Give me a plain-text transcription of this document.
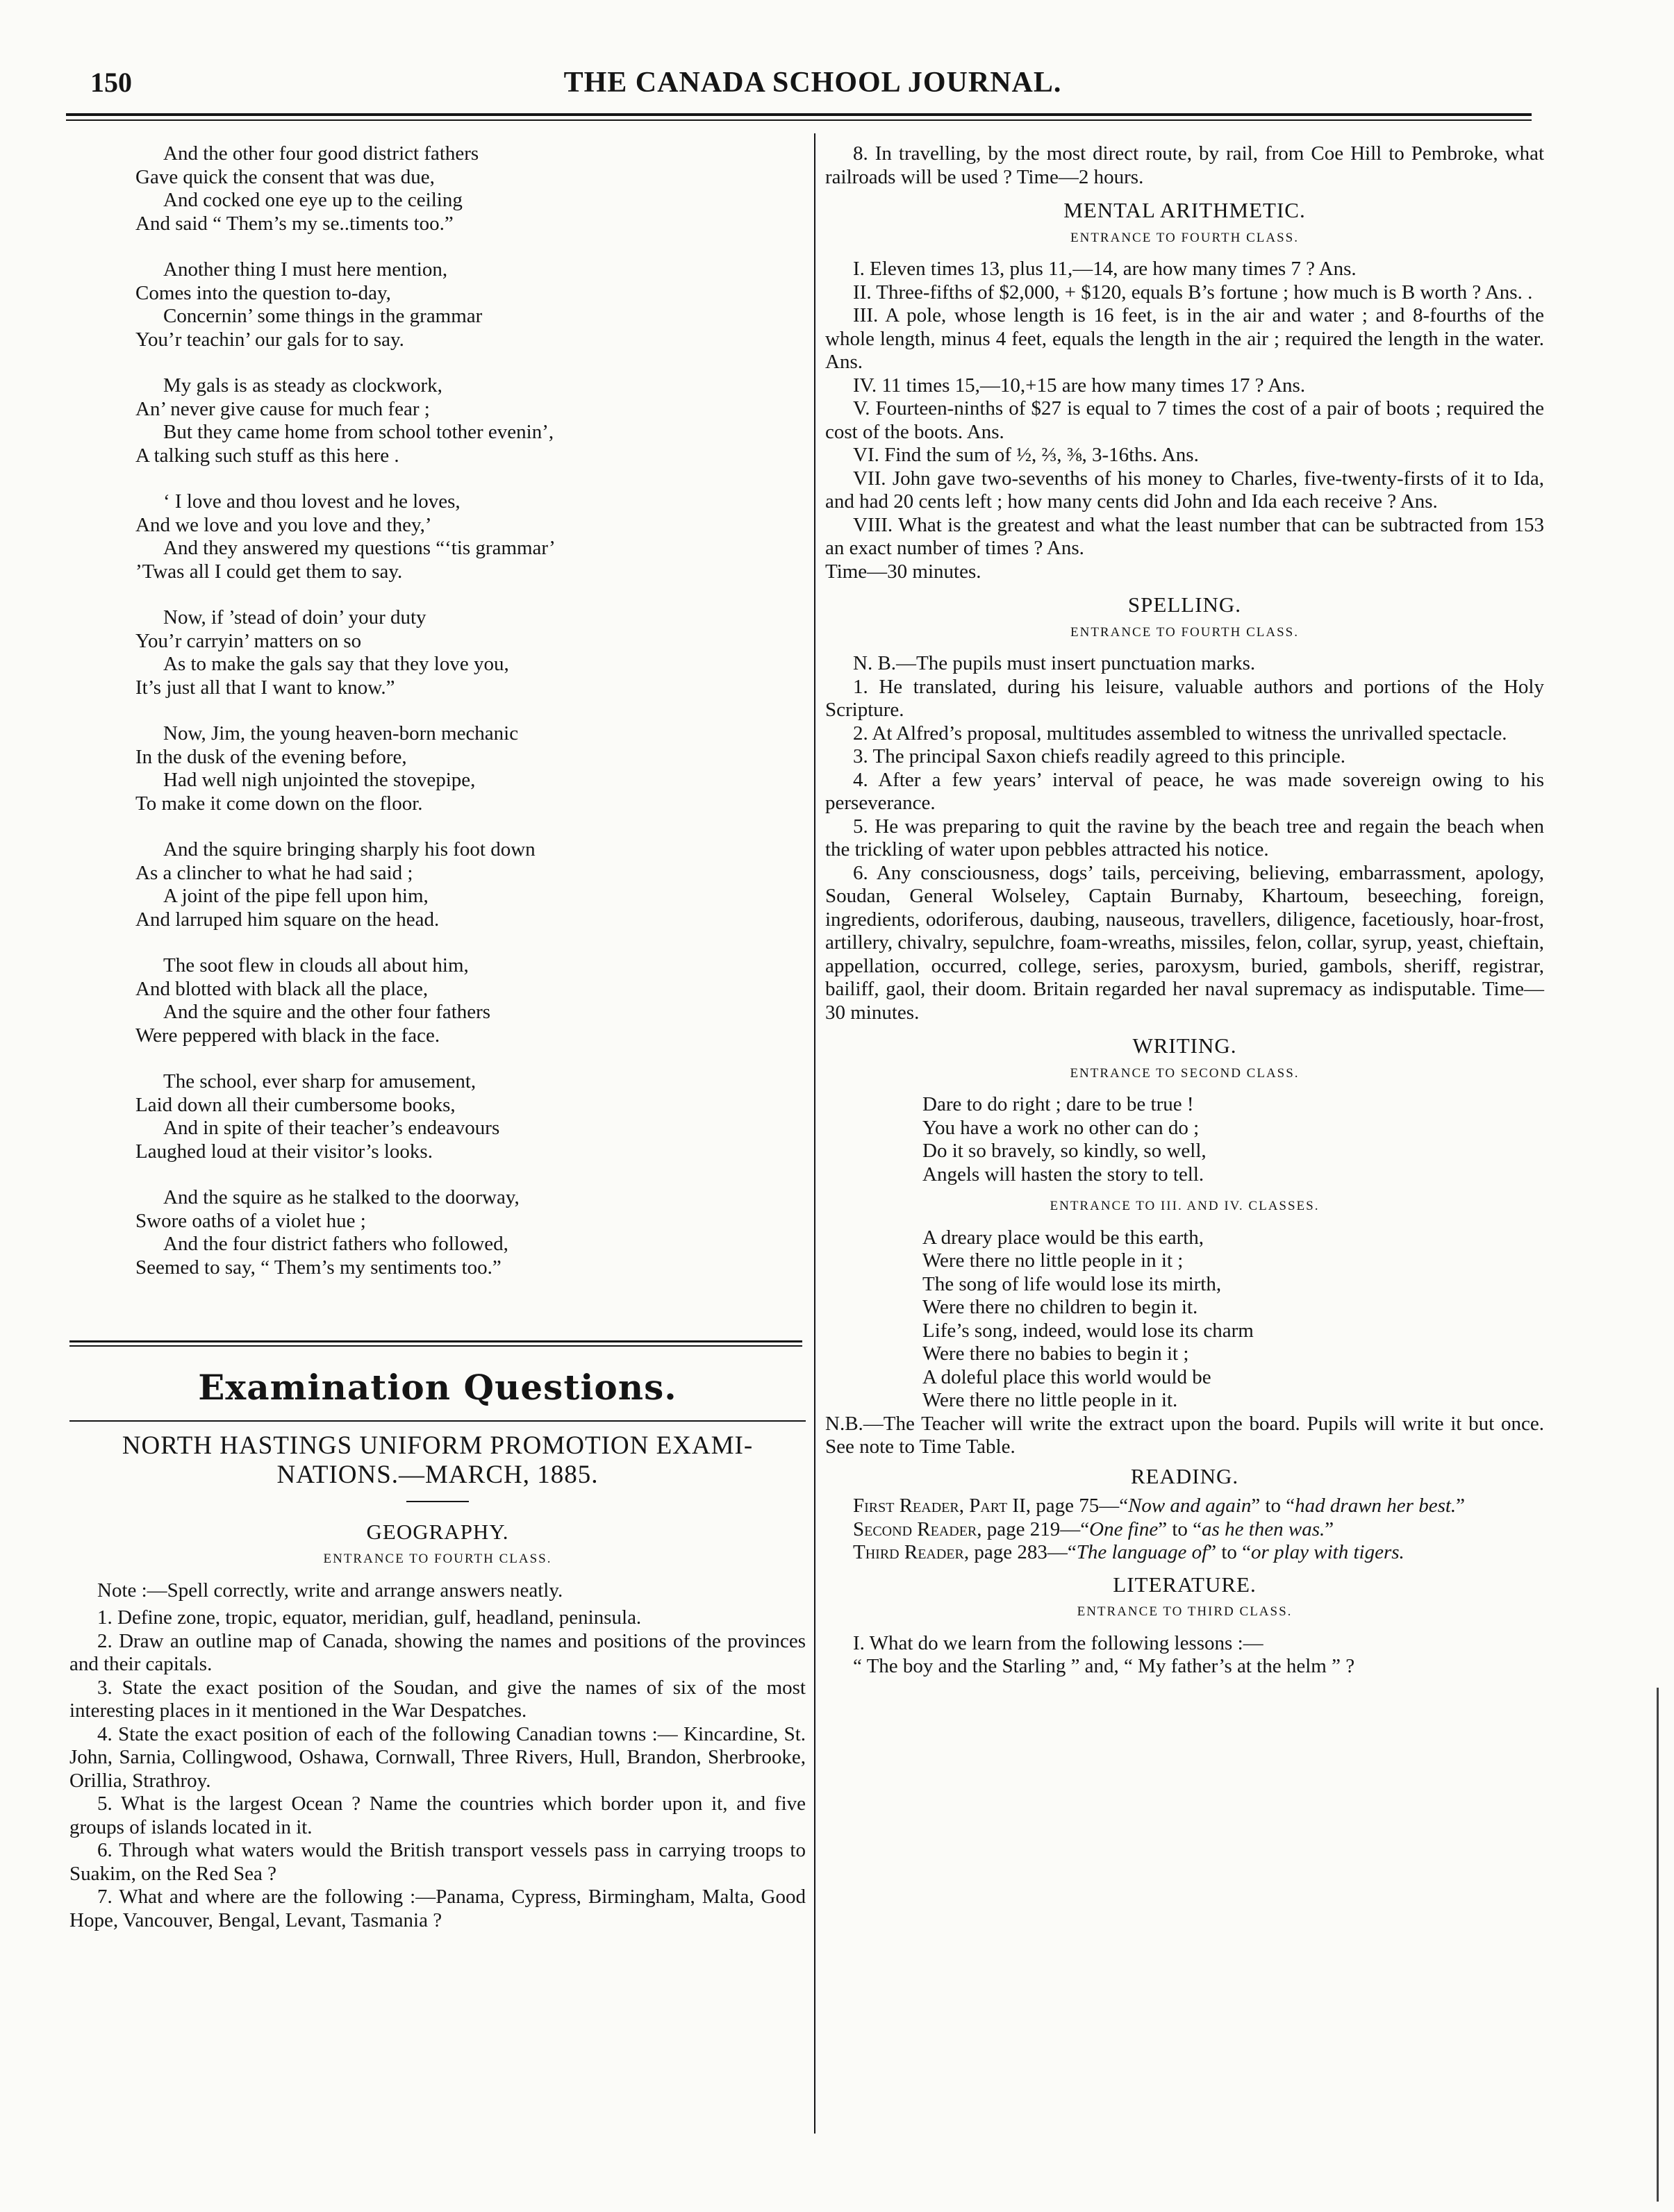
150	THE CANADA SCHOOL JOURNAL.

And the other four good district fathers

Gave quick the consent that was due,

And cocked one eye up to the ceiling

And said “ Them’s my se..timents too.”

Another thing I must here mention,

Comes into the question to-day,

Concernin’ some things in the grammar

You’r teachin’ our gals for to say.

My gals is as steady as clockwork,

An’ never give cause for much fear ;

But they came home from school tother evenin’,

A talking such stuff as this here .

‘ I love and thou lovest and he loves,

And we love and you love and they,’

And they answered my questions “‘tis grammar’

’Twas all I could get them to say.

Now, if ’stead of doin’ your duty

You’r carryin’ matters on so

As to make the gals say that they love you,

It’s just all that I want to know.”

Now, Jim, the young heaven-born mechanic

In the dusk of the evening before,

Had well nigh unjointed the stovepipe,

To make it come down on the floor.

And the squire bringing sharply his foot down

As a clincher to what he had said ;

A joint of the pipe fell upon him,

And larruped him square on the head.

The soot flew in clouds all about him,

And blotted with black all the place,

And the squire and the other four fathers

Were peppered with black in the face.

The school, ever sharp for amusement,

Laid down all their cumbersome books,

And in spite of their teacher’s endeavours

Laughed loud at their visitor’s looks.

And the squire as he stalked to the doorway,

Swore oaths of a violet hue ;

And the four district fathers who followed,

Seemed to say, “ Them’s my sentiments too.”

Examination Questions.
NORTH HASTINGS UNIFORM PROMOTION EXAMI- NATIONS.—MARCH, 1885.
GEOGRAPHY.
ENTRANCE TO FOURTH CLASS.

Note :—Spell correctly, write and arrange answers neatly.

1. Define zone, tropic, equator, meridian, gulf, headland, peninsula.

2. Draw an outline map of Canada, showing the names and positions of the provinces and their capitals.

3. State the exact position of the Soudan, and give the names of six of the most interesting places in it mentioned in the War Despatches.

4. State the exact position of each of the following Canadian towns :— Kincardine, St. John, Sarnia, Collingwood, Oshawa, Cornwall, Three Rivers, Hull, Brandon, Sherbrooke, Orillia, Strathroy.

5. What is the largest Ocean ? Name the countries which border upon it, and five groups of islands located in it.

6. Through what waters would the British transport vessels pass in carrying troops to Suakim, on the Red Sea ?

7. What and where are the following :—Panama, Cypress, Birmingham, Malta, Good Hope, Vancouver, Bengal, Levant, Tasmania ?

8. In travelling, by the most direct route, by rail, from Coe Hill to Pembroke, what railroads will be used ? Time—2 hours.

MENTAL ARITHMETIC.
ENTRANCE TO FOURTH CLASS.

I. Eleven times 13, plus 11,—14, are how many times 7 ? Ans.

II. Three-fifths of $2,000, + $120, equals B’s fortune ; how much is B worth ? Ans. .

III. A pole, whose length is 16 feet, is in the air and water ; and 8-fourths of the whole length, minus 4 feet, equals the length in the air ; required the length in the water. Ans.

IV. 11 times 15,—10,+15 are how many times 17 ? Ans.

V. Fourteen-ninths of $27 is equal to 7 times the cost of a pair of boots ; required the cost of the boots. Ans.

VI. Find the sum of ½, ⅔, ⅜, 3-16ths. Ans.

VII. John gave two-sevenths of his money to Charles, five-twenty-firsts of it to Ida, and had 20 cents left ; how many cents did John and Ida each receive ? Ans.

VIII. What is the greatest and what the least number that can be subtracted from 153 an exact number of times ? Ans.

Time—30 minutes.

SPELLING.
ENTRANCE TO FOURTH CLASS.

N. B.—The pupils must insert punctuation marks.

1. He translated, during his leisure, valuable authors and portions of the Holy Scripture.

2. At Alfred’s proposal, multitudes assembled to witness the unrivalled spectacle.

3. The principal Saxon chiefs readily agreed to this principle.

4. After a few years’ interval of peace, he was made sovereign owing to his perseverance.

5. He was preparing to quit the ravine by the beach tree and regain the beach when the trickling of water upon pebbles attracted his notice.

6. Any consciousness, dogs’ tails, perceiving, believing, embarrassment, apology, Soudan, General Wolseley, Captain Burnaby, Khartoum, beseeching, foreign, ingredients, odoriferous, daubing, nauseous, travellers, diligence, facetiously, hoar-frost, artillery, chivalry, sepulchre, foam-wreaths, missiles, felon, collar, syrup, yeast, chieftain, appellation, occurred, college, series, paroxysm, buried, gambols, sheriff, registrar, bailiff, gaol, their doom. Britain regarded her naval supremacy as indisputable. Time—30 minutes.

WRITING.
ENTRANCE TO SECOND CLASS.

Dare to do right ; dare to be true !

You have a work no other can do ;

Do it so bravely, so kindly, so well,

Angels will hasten the story to tell.

ENTRANCE TO III. AND IV. CLASSES.

A dreary place would be this earth,

Were there no little people in it ;

The song of life would lose its mirth,

Were there no children to begin it.

Life’s song, indeed, would lose its charm

Were there no babies to begin it ;

A doleful place this world would be

Were there no little people in it.

N.B.—The Teacher will write the extract upon the board. Pupils will write it but once. See note to Time Table.

READING.

First Reader, Part II, page 75—“Now and again” to “had drawn her best.”

Second Reader, page 219—“One fine” to “as he then was.”

Third Reader, page 283—“The language of” to “or play with tigers.

LITERATURE.
ENTRANCE TO THIRD CLASS.

I. What do we learn from the following lessons :—

“ The boy and the Starling ” and, “ My father’s at the helm ” ?
